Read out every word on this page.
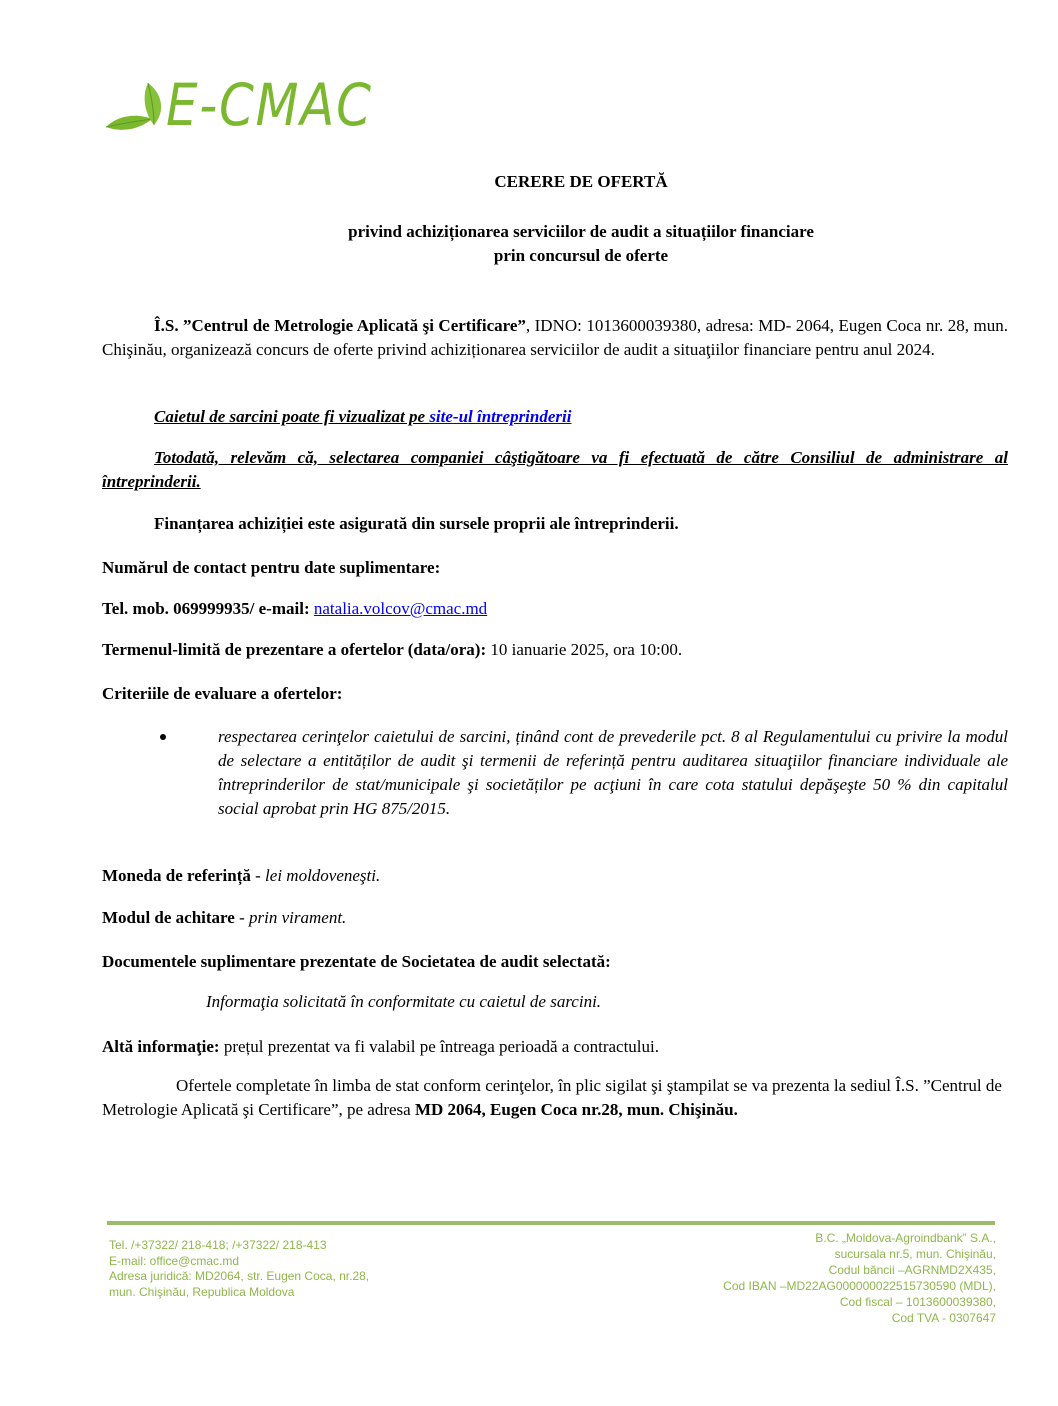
E-CMAC
CERERE DE OFERTĂ
privind achiziționarea serviciilor de audit a situațiilor financiare
prin concursul de oferte

Î.S. ”Centrul de Metrologie Aplicată şi Certificare”, IDNO: 1013600039380, adresa: MD- 2064, Eugen Coca nr. 28, mun. Chişinău, organizează concurs de oferte privind achiziționarea serviciilor de audit a situaţiilor financiare pentru anul 2024.

Caietul de sarcini poate fi vizualizat pe site-ul întreprinderii

Totodată, relevăm că, selectarea companiei câştigătoare va fi efectuată de către Consiliul de administrare al întreprinderii.

Finanțarea achiziției este asigurată din sursele proprii ale întreprinderii.

Numărul de contact pentru date suplimentare:

Tel. mob. 069999935/ e-mail: natalia.volcov@cmac.md

Termenul-limită de prezentare a ofertelor (data/ora): 10 ianuarie 2025, ora 10:00.

Criteriile de evaluare a ofertelor:

respectarea cerinţelor caietului de sarcini, ținând cont de prevederile pct. 8 al Regulamentului cu privire la modul de selectare a entităților de audit şi termenii de referință pentru auditarea situaţiilor financiare individuale ale întreprinderilor de stat/municipale şi societăților pe acţiuni în care cota statului depăşeşte 50 % din capitalul social aprobat prin HG 875/2015.

Moneda de referință - lei moldoveneşti.

Modul de achitare - prin virament.

Documentele suplimentare prezentate de Societatea de audit selectată:

Informaţia solicitată în conformitate cu caietul de sarcini.

Altă informaţie: prețul prezentat va fi valabil pe întreaga perioadă a contractului.

Ofertele completate în limba de stat conform cerinţelor, în plic sigilat şi ştampilat se va prezenta la sediul Î.S. ”Centrul de Metrologie Aplicată şi Certificare”, pe adresa MD 2064, Eugen Coca nr.28, mun. Chişinău.

Tel. /+37322/ 218-418; /+37322/ 218-413
E-mail: office@cmac.md
Adresa juridică: MD2064, str. Eugen Coca, nr.28,
mun. Chişinău, Republica Moldova
B.C. „Moldova-Agroindbank” S.A.,
sucursala nr.5, mun. Chişinău,
Codul băncii –AGRNMD2X435,
Cod IBAN –MD22AG000000022515730590 (MDL),
Cod fiscal – 1013600039380,
Cod TVA - 0307647
